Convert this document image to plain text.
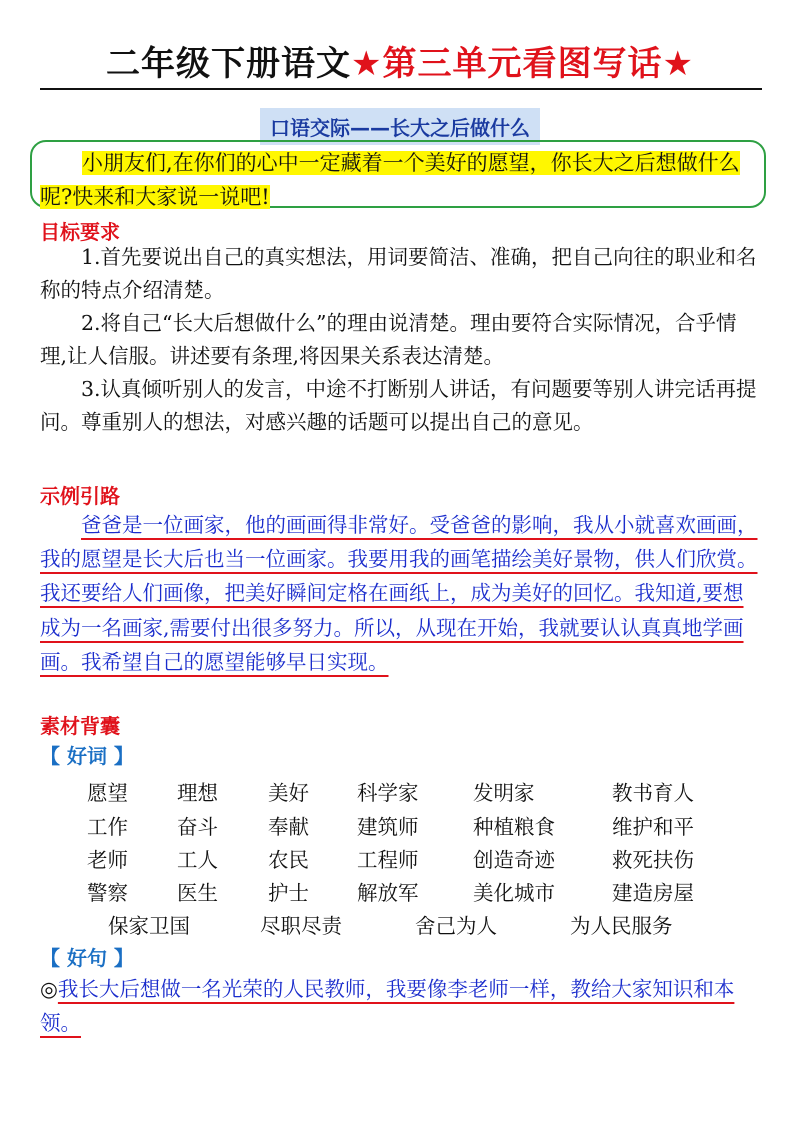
二年级下册语文★第三单元看图写话★
口语交际——长大之后做什么
小朋友们,在你们的心中一定藏着一个美好的愿望，你长大之后想做什么呢?快来和大家说一说吧!
目标要求

1.首先要说出自己的真实想法，用词要简洁、准确，把自己向往的职业和名称的特点介绍清楚。

2.将自己“长大后想做什么”的理由说清楚。理由要符合实际情况，合乎情理,让人信服。讲述要有条理,将因果关系表达清楚。

3.认真倾听别人的发言，中途不打断别人讲话，有问题要等别人讲完话再提问。尊重别人的想法，对感兴趣的话题可以提出自己的意见。

示例引路

爸爸是一位画家，他的画画得非常好。受爸爸的影响，我从小就喜欢画画，我的愿望是长大后也当一位画家。我要用我的画笔描绘美好景物，供人们欣赏。我还要给人们画像，把美好瞬间定格在画纸上，成为美好的回忆。我知道,要想成为一名画家,需要付出很多努力。所以，从现在开始，我就要认认真真地学画画。我希望自己的愿望能够早日实现。

素材背囊
【 好词 】
愿望 理想 美好 科学家	发明家	教书育人
工作 奋斗 奉献 建筑师	种植粮食	维护和平
老师 工人 农民 工程师	创造奇迹	救死扶伤
警察 医生 护士 解放军	美化城市	建造房屋
保家卫国	尽职尽责	舍己为人	为人民服务
【 好句 】
◎我长大后想做一名光荣的人民教师，我要像李老师一样，教给大家知识和本领。
